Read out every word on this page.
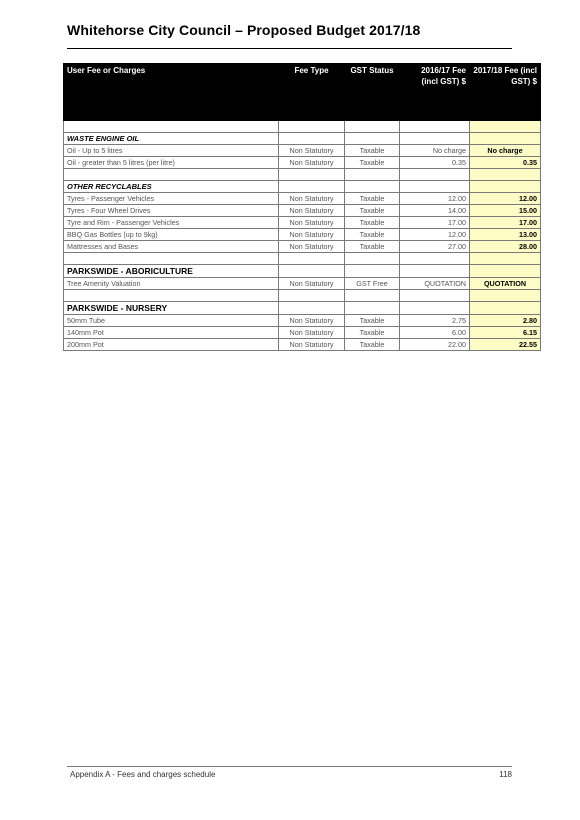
Whitehorse City Council – Proposed Budget 2017/18
User Fee or Charges	Fee Type	GST Status	2016/17 Fee (incl GST) $	2017/18 Fee (incl GST) $

WASTE ENGINE OIL				
Oil - Up to 5 litres	Non Statutory	Taxable	No charge	No charge
Oil - greater than 5 litres (per litre)	Non Statutory	Taxable	0.35	0.35

OTHER RECYCLABLES				
Tyres - Passenger Vehicles	Non Statutory	Taxable	12.00	12.00
Tyres - Four Wheel Drives	Non Statutory	Taxable	14.00	15.00
Tyre and Rim - Passenger Vehicles	Non Statutory	Taxable	17.00	17.00
BBQ Gas Bottles (up to 9kg)	Non Statutory	Taxable	12.00	13.00
Mattresses and Bases	Non Statutory	Taxable	27.00	28.00

PARKSWIDE - ABORICULTURE				
Tree Amenity Valuation	Non Statutory	GST Free	QUOTATION	QUOTATION

PARKSWIDE - NURSERY				
50mm Tube	Non Statutory	Taxable	2.75	2.80
140mm Pot	Non Statutory	Taxable	6.00	6.15
200mm Pot	Non Statutory	Taxable	22.00	22.55
Appendix A - Fees and charges schedule	118
